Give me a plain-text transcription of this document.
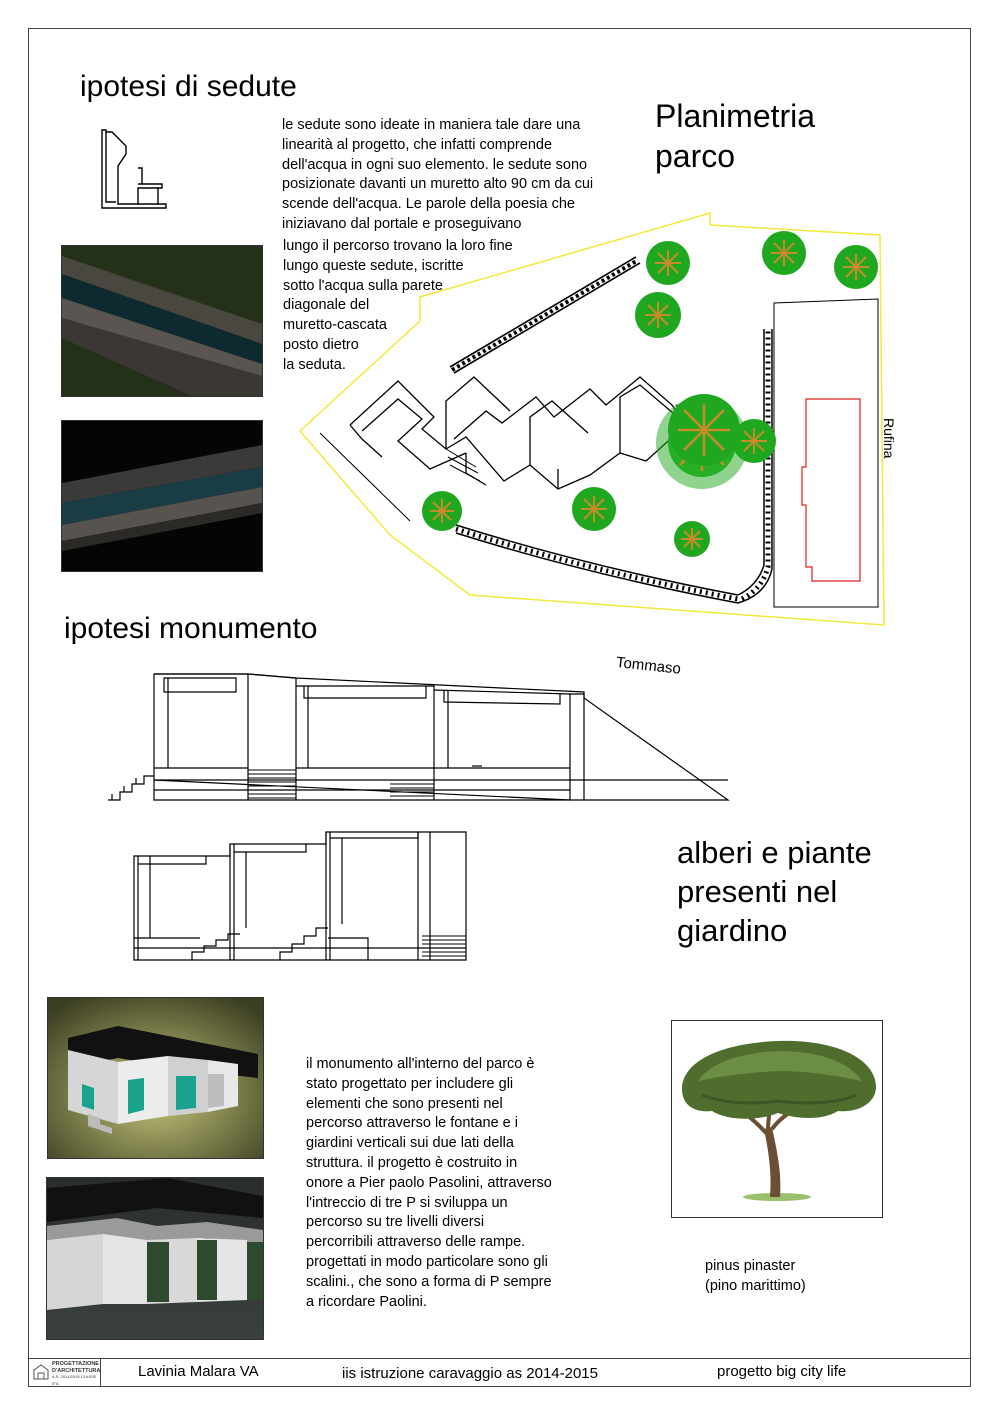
ipotesi di sedute
le sedute sono ideate in maniera tale dare una
linearità al progetto, che infatti comprende
dell'acqua in ogni suo elemento. le sedute sono
posizionate davanti un muretto alto 90 cm da cui
scende dell'acqua. Le parole della poesia che
iniziavano dal portale e proseguivano
lungo il percorso trovano la loro fine
lungo queste sedute, iscritte
sotto l'acqua sulla parete
diagonale del
muretto-cascata
posto dietro
la seduta.
Planimetria
parco
Rufina
ipotesi monumento
Tommaso
alberi e piante
presenti nel
giardino
il monumento all'interno del parco è
stato progettato per includere gli
elementi che sono presenti nel
percorso attraverso le fontane e i
giardini verticali sui due lati della
struttura. il progetto è costruito in
onore a Pier paolo Pasolini, attraverso
l'intreccio di tre P si sviluppa un
percorso su tre livelli diversi
percorribili attraverso delle rampe.
progettati in modo particolare sono gli
scalini., che sono a forma di P sempre
a ricordare Paolini.
pinus pinaster
(pino marittimo)
PROGETTAZIONE
D'ARCHITETTURA
A.S. 2014/2015 CLASSE 5°A
Lavinia Malara VA	iis istruzione caravaggio as 2014-2015	progetto big city life
